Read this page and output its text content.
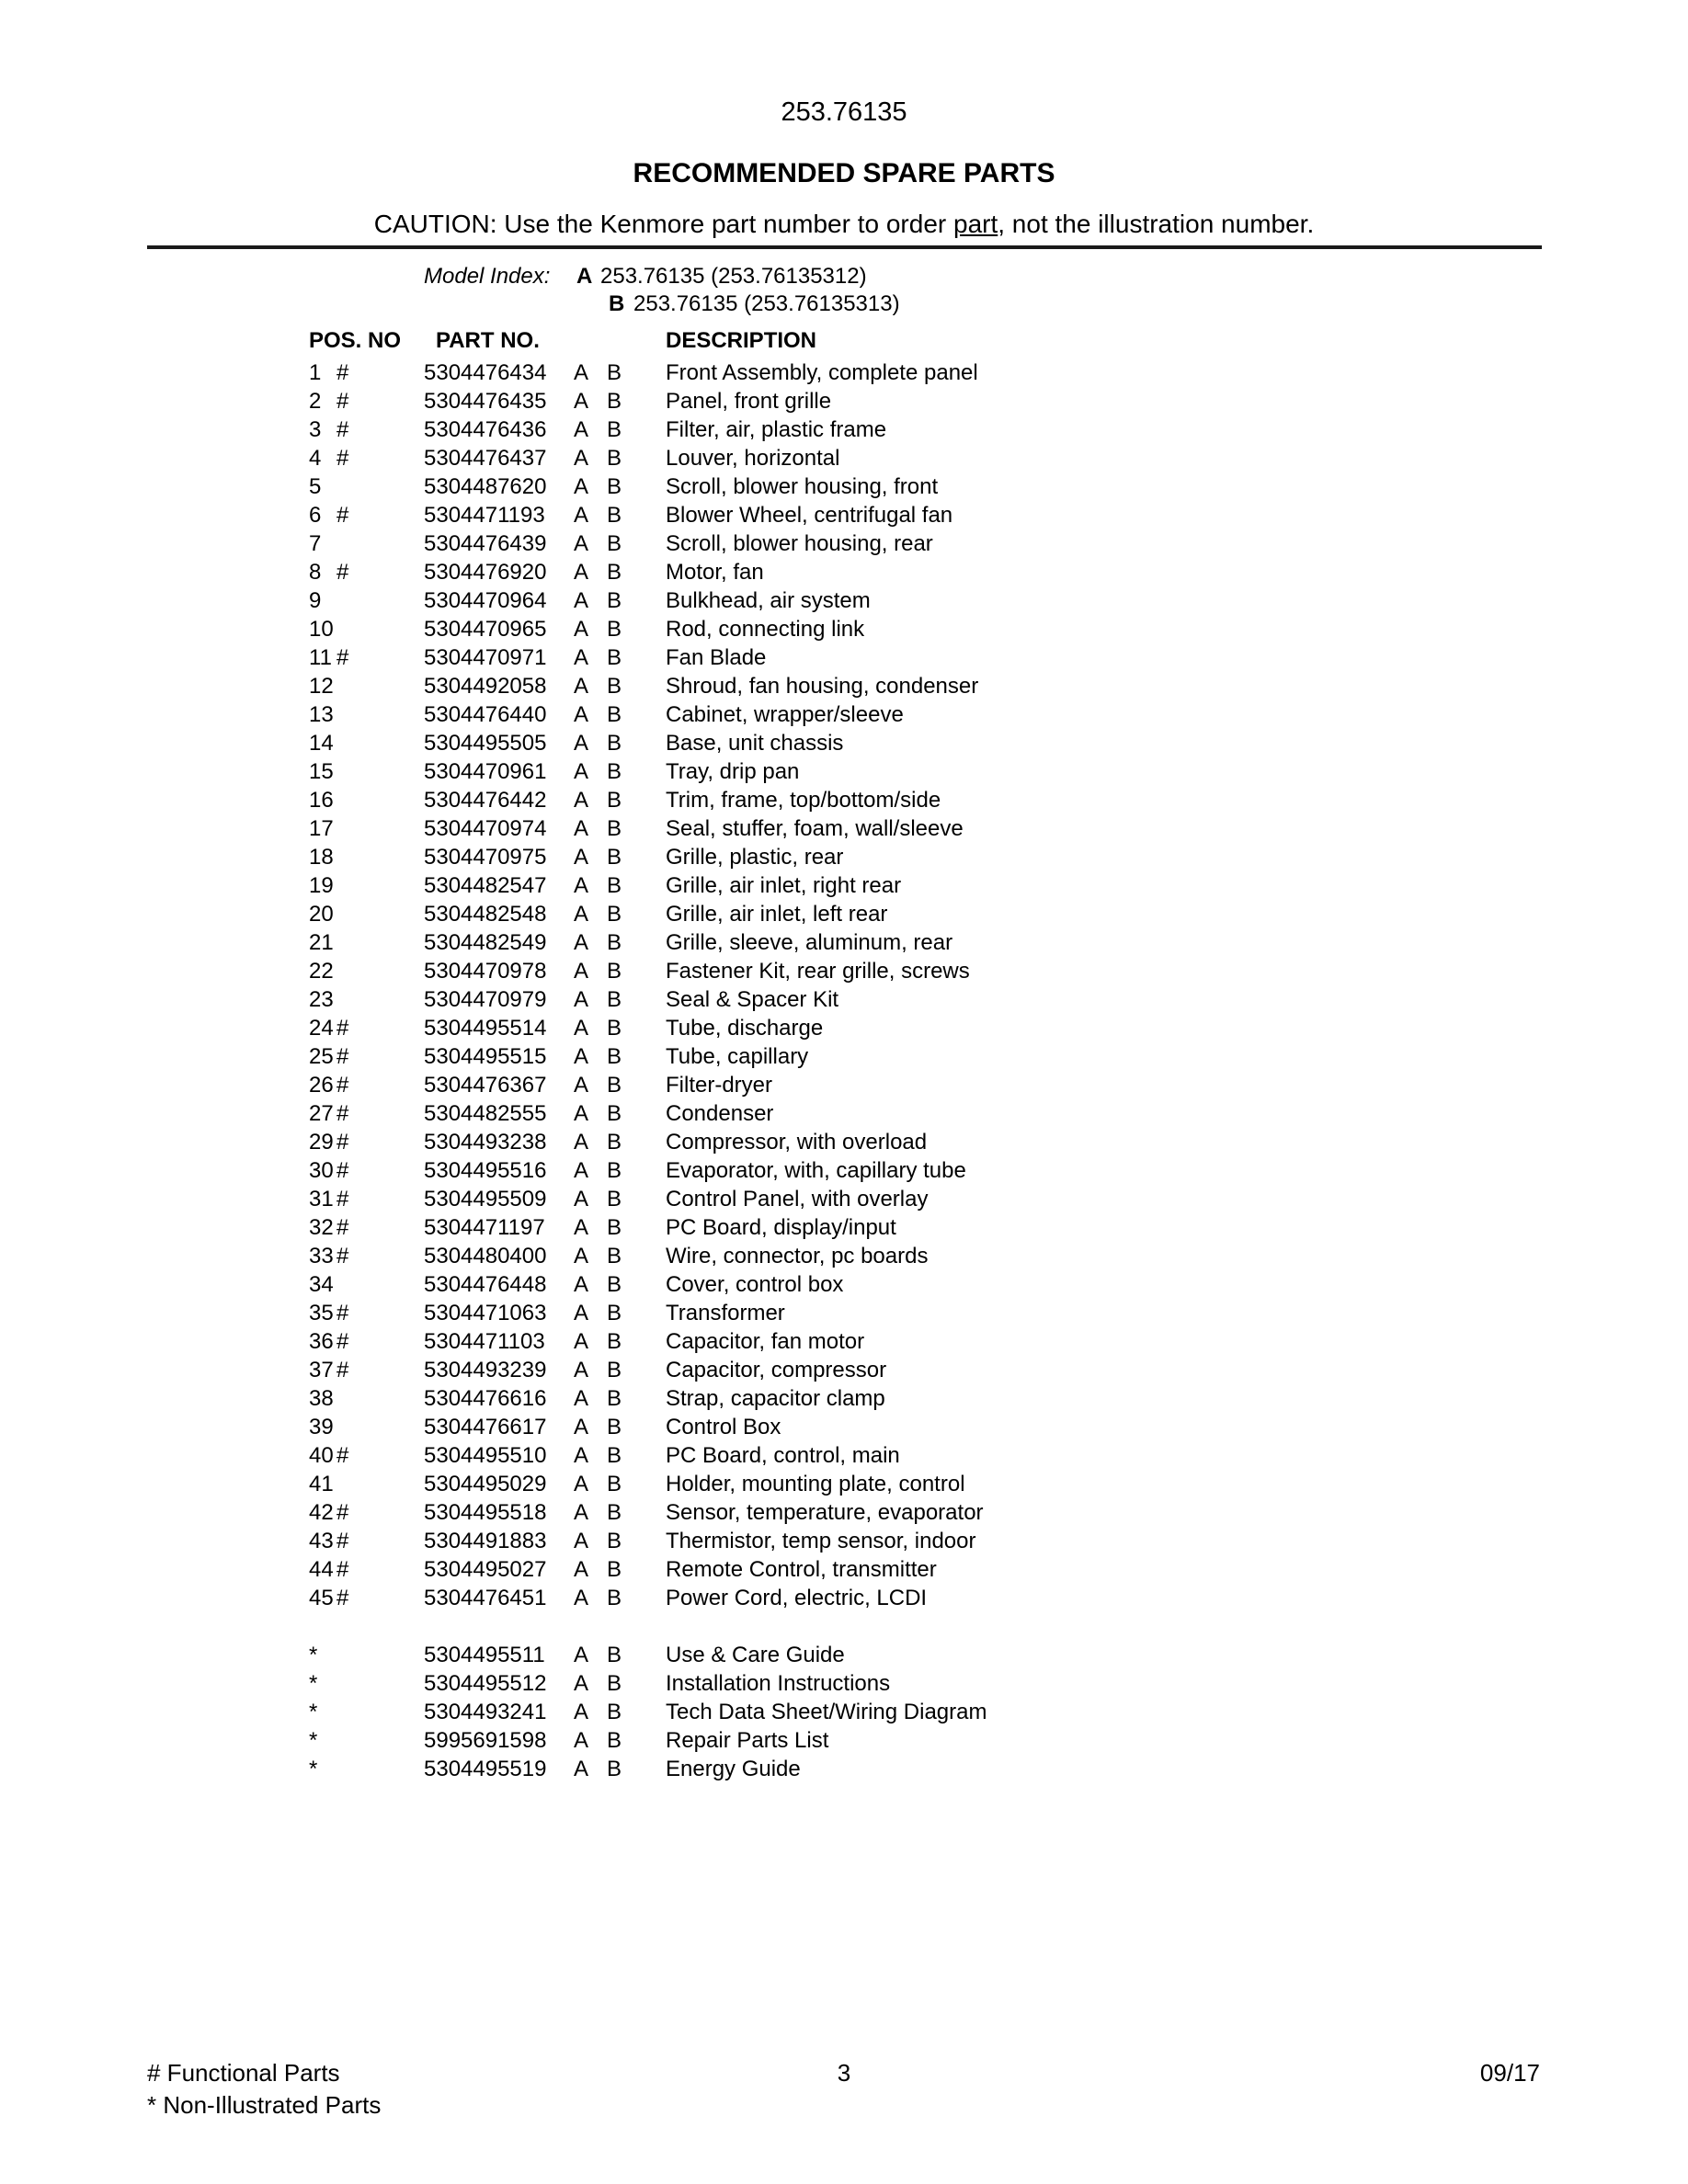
253.76135
RECOMMENDED SPARE PARTS
CAUTION: Use the Kenmore part number to order part, not the illustration number.
Model Index: A 253.76135 (253.76135312)
B 253.76135 (253.76135313)
POS. NO PART NO.	DESCRIPTION
1 #	5304476434 A B Front Assembly, complete panel
2 #	5304476435 A B Panel, front grille
3 #	5304476436 A B Filter, air, plastic frame
4 #	5304476437 A B Louver, horizontal
5	5304487620 A B Scroll, blower housing, front
6 #	5304471193 A B Blower Wheel, centrifugal fan
7	5304476439 A B Scroll, blower housing, rear
8 #	5304476920 A B Motor, fan
9	5304470964 A B Bulkhead, air system
10	5304470965 A B Rod, connecting link
11 #	5304470971 A B Fan Blade
12	5304492058 A B Shroud, fan housing, condenser
13	5304476440 A B Cabinet, wrapper/sleeve
14	5304495505 A B Base, unit chassis
15	5304470961 A B Tray, drip pan
16	5304476442 A B Trim, frame, top/bottom/side
17	5304470974 A B Seal, stuffer, foam, wall/sleeve
18	5304470975 A B Grille, plastic, rear
19	5304482547 A B Grille, air inlet, right rear
20	5304482548 A B Grille, air inlet, left rear
21	5304482549 A B Grille, sleeve, aluminum, rear
22	5304470978 A B Fastener Kit, rear grille, screws
23	5304470979 A B Seal & Spacer Kit
24 #	5304495514 A B Tube, discharge
25 #	5304495515 A B Tube, capillary
26 #	5304476367 A B Filter-dryer
27 #	5304482555 A B Condenser
29 #	5304493238 A B Compressor, with overload
30 #	5304495516 A B Evaporator, with, capillary tube
31 #	5304495509 A B Control Panel, with overlay
32 #	5304471197 A B PC Board, display/input
33 #	5304480400 A B Wire, connector, pc boards
34	5304476448 A B Cover, control box
35 #	5304471063 A B Transformer
36 #	5304471103 A B Capacitor, fan motor
37 #	5304493239 A B Capacitor, compressor
38	5304476616 A B Strap, capacitor clamp
39	5304476617 A B Control Box
40 #	5304495510 A B PC Board, control, main
41	5304495029 A B Holder, mounting plate, control
42 #	5304495518 A B Sensor, temperature, evaporator
43 #	5304491883 A B Thermistor, temp sensor, indoor
44 #	5304495027 A B Remote Control, transmitter
45 #	5304476451 A B Power Cord, electric, LCDI
*	5304495511 A B Use & Care Guide
*	5304495512 A B Installation Instructions
*	5304493241 A B Tech Data Sheet/Wiring Diagram
*	5995691598 A B Repair Parts List
*	5304495519 A B Energy Guide
# Functional Parts
* Non-Illustrated Parts
3	09/17
